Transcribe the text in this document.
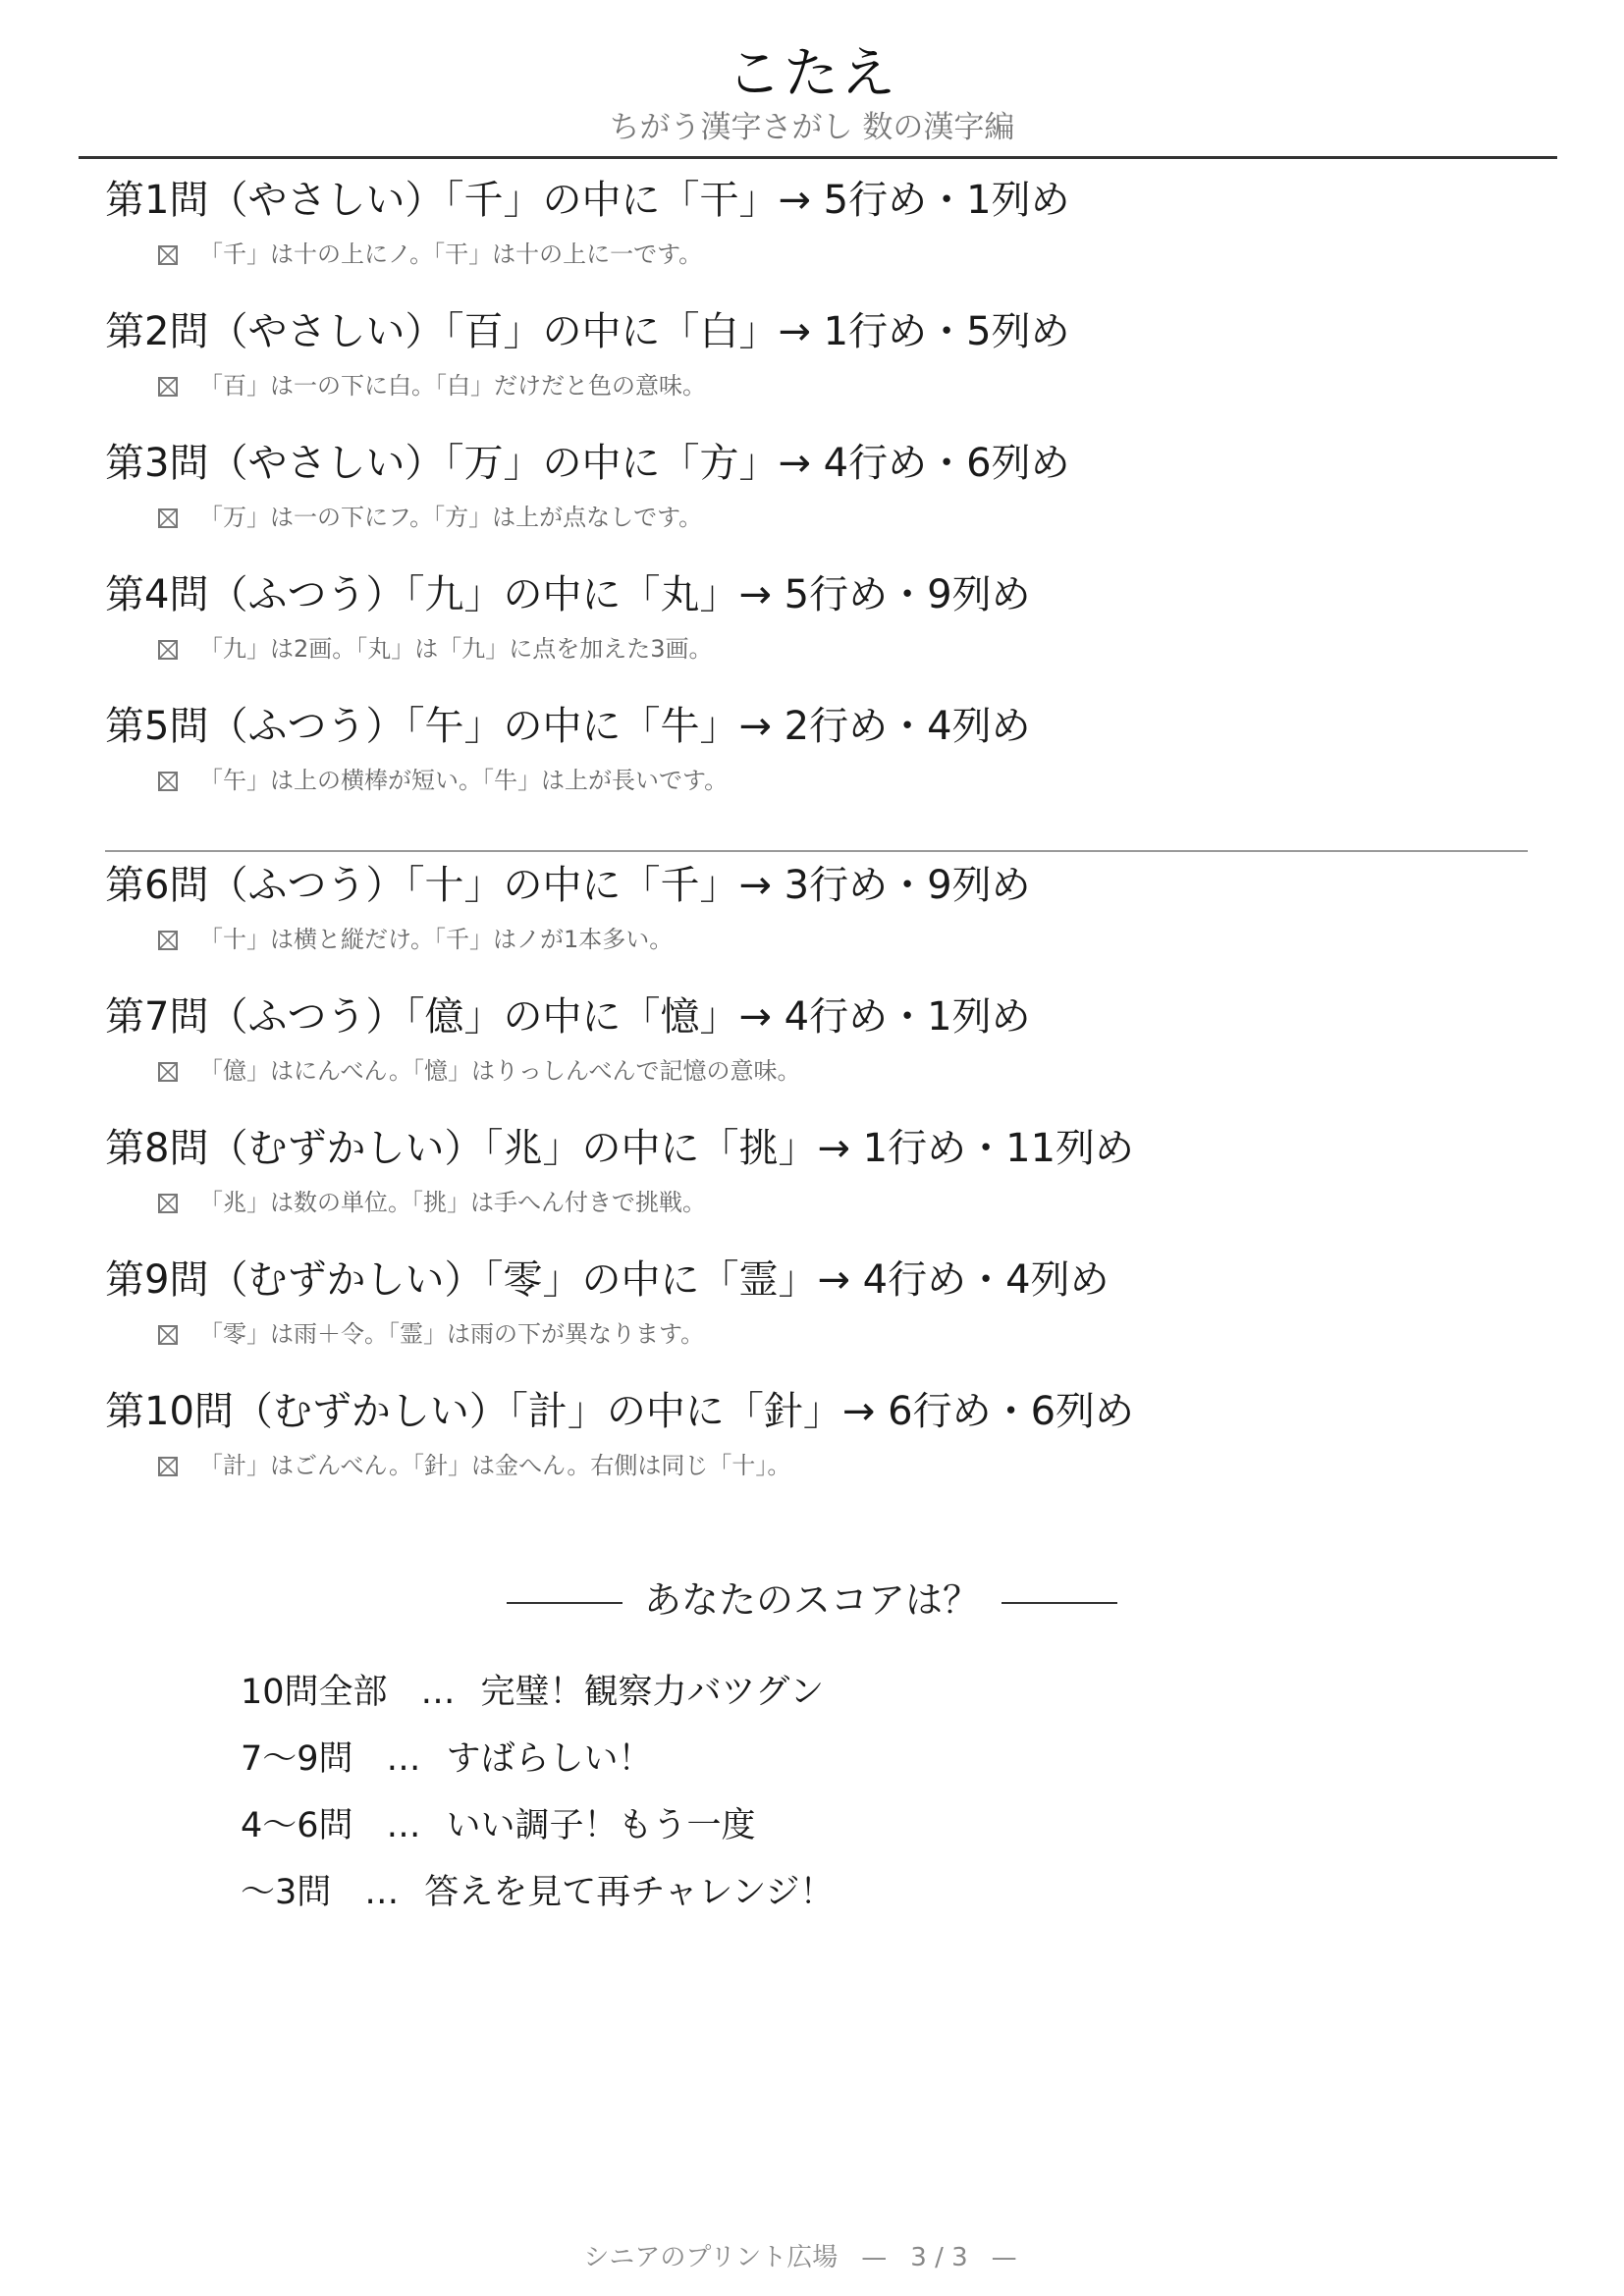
こたえ
ちがう漢字さがし 数の漢字編
第1問（やさしい）「千」の中に「干」→ 5行め・1列め
「千」は十の上にノ。「干」は十の上に一です。
第2問（やさしい）「百」の中に「白」→ 1行め・5列め
「百」は一の下に白。「白」だけだと色の意味。
第3問（やさしい）「万」の中に「方」→ 4行め・6列め
「万」は一の下にフ。「方」は上が点なしです。
第4問（ふつう）「九」の中に「丸」→ 5行め・9列め
「九」は2画。「丸」は「九」に点を加えた3画。
第5問（ふつう）「午」の中に「牛」→ 2行め・4列め
「午」は上の横棒が短い。「牛」は上が長いです。
第6問（ふつう）「十」の中に「千」→ 3行め・9列め
「十」は横と縦だけ。「千」はノが1本多い。
第7問（ふつう）「億」の中に「憶」→ 4行め・1列め
「億」はにんべん。「憶」はりっしんべんで記憶の意味。
第8問（むずかしい）「兆」の中に「挑」→ 1行め・11列め
「兆」は数の単位。「挑」は手へん付きで挑戦。
第9問（むずかしい）「零」の中に「霊」→ 4行め・4列め
「零」は雨＋令。「霊」は雨の下が異なります。
第10問（むずかしい）「計」の中に「針」→ 6行め・6列め
「計」はごんべん。「針」は金へん。右側は同じ「十」。
あなたのスコアは？
10問全部 … 完璧！観察力バツグン
7〜9問 … すばらしい！
4〜6問 … いい調子！もう一度
〜3問 … 答えを見て再チャレンジ！
シニアのプリント広場 — 3 / 3 —
